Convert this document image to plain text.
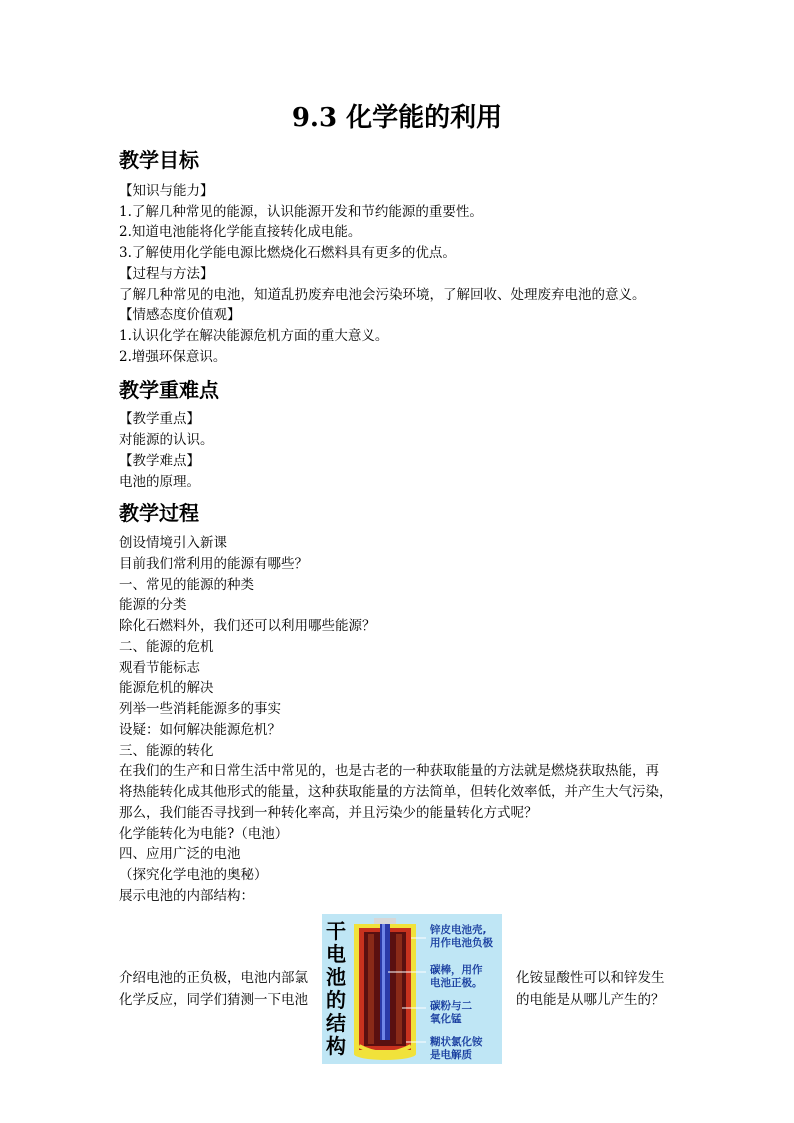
9.3 化学能的利用
教学目标
【知识与能力】
1.了解几种常见的能源，认识能源开发和节约能源的重要性。
2.知道电池能将化学能直接转化成电能。
3.了解使用化学能电源比燃烧化石燃料具有更多的优点。
【过程与方法】
了解几种常见的电池，知道乱扔废弃电池会污染环境，了解回收、处理废弃电池的意义。
【情感态度价值观】
1.认识化学在解决能源危机方面的重大意义。
2.增强环保意识。
教学重难点
【教学重点】
对能源的认识。
【教学难点】
电池的原理。
教学过程
创设情境引入新课
目前我们常利用的能源有哪些？
一、常见的能源的种类
能源的分类
除化石燃料外，我们还可以利用哪些能源？
二、能源的危机
观看节能标志
能源危机的解决
列举一些消耗能源多的事实
设疑：如何解决能源危机？
三、能源的转化
在我们的生产和日常生活中常见的，也是古老的一种获取能量的方法就是燃烧获取热能，再
将热能转化成其他形式的能量，这种获取能量的方法简单，但转化效率低，并产生大气污染，
那么，我们能否寻找到一种转化率高，并且污染少的能量转化方式呢？
化学能转化为电能?（电池）
四、应用广泛的电池
（探究化学电池的奥秘）
展示电池的内部结构：
干
电
池
的
结
构
锌皮电池壳,
用作电池负极
碳棒，用作
电池正极。
碳粉与二
氧化锰
糊状氯化铵
是电解质
介绍电池的正负极，电池内部氯
化学反应，同学们猜测一下电池
化铵显酸性可以和锌发生
的电能是从哪儿产生的？
